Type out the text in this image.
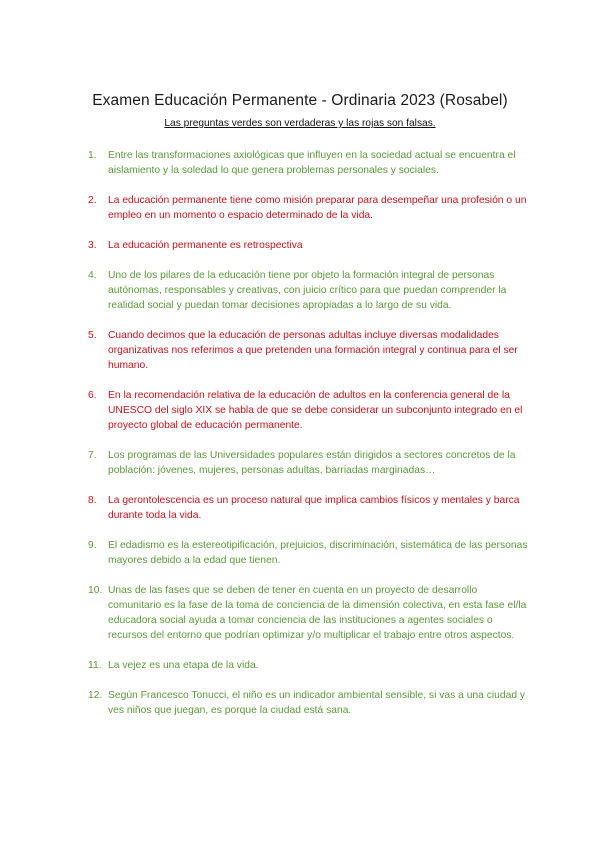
Examen Educación Permanente - Ordinaria 2023 (Rosabel)
Las preguntas verdes son verdaderas y las rojas son falsas.
1. Entre las transformaciones axiológicas que influyen en la sociedad actual se encuentra el aislamiento y la soledad lo que genera problemas personales y sociales.
2. La educación permanente tiene como misión preparar para desempeñar una profesión o un empleo en un momento o espacio determinado de la vida.
3. La educación permanente es retrospectiva
4. Uno de los pilares de la educación tiene por objeto la formación integral de personas autónomas, responsables y creativas, con juicio crítico para que puedan comprender la realidad social y puedan tomar decisiones apropiadas a lo largo de su vida.
5. Cuando decimos que la educación de personas adultas incluye diversas modalidades organizativas nos referimos a que pretenden una formación integral y continua para el ser humano.
6. En la recomendación relativa de la educación de adultos en la conferencia general de la UNESCO del siglo XIX se habla de que se debe considerar un subconjunto integrado en el proyecto global de educación permanente.
7. Los programas de las Universidades populares están dirigidos a sectores concretos de la población: jóvenes, mujeres, personas adultas, barriadas marginadas…
8. La gerontolescencia es un proceso natural que implica cambios físicos y mentales y barca durante toda la vida.
9. El edadismo es la estereotipificación, prejuicios, discriminación, sistemática de las personas mayores debido a la edad que tienen.
10. Unas de las fases que se deben de tener en cuenta en un proyecto de desarrollo comunitario es la fase de la toma de conciencia de la dimensión colectiva, en esta fase el/la educadora social ayuda a tomar conciencia de las instituciones a agentes sociales o recursos del entorno que podrían optimizar y/o multiplicar el trabajo entre otros aspectos.
11. La vejez es una etapa de la vida.
12. Según Francesco Tonucci, el niño es un indicador ambiental sensible, si vas a una ciudad y ves niños que juegan, es porque la ciudad está sana.
